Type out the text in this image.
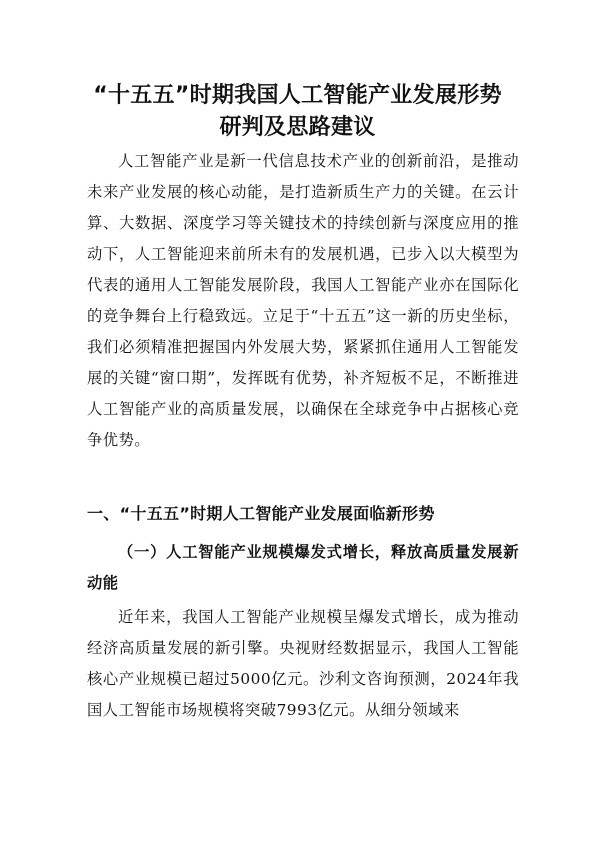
“十五五”时期我国人工智能产业发展形势
研判及思路建议

人工智能产业是新一代信息技术产业的创新前沿，是推动未来产业发展的核心动能，是打造新质生产力的关键。在云计算、大数据、深度学习等关键技术的持续创新与深度应用的推动下，人工智能迎来前所未有的发展机遇，已步入以大模型为代表的通用人工智能发展阶段，我国人工智能产业亦在国际化的竞争舞台上行稳致远。立足于“十五五”这一新的历史坐标，我们必须精准把握国内外发展大势，紧紧抓住通用人工智能发展的关键“窗口期”，发挥既有优势，补齐短板不足，不断推进人工智能产业的高质量发展，以确保在全球竞争中占据核心竞争优势。

一、“十五五”时期人工智能产业发展面临新形势
（一）人工智能产业规模爆发式增长，释放高质量发展新动能

近年来，我国人工智能产业规模呈爆发式增长，成为推动经济高质量发展的新引擎。央视财经数据显示，我国人工智能核心产业规模已超过5000亿元。沙利文咨询预测，2024年我国人工智能市场规模将突破7993亿元。从细分领域来
